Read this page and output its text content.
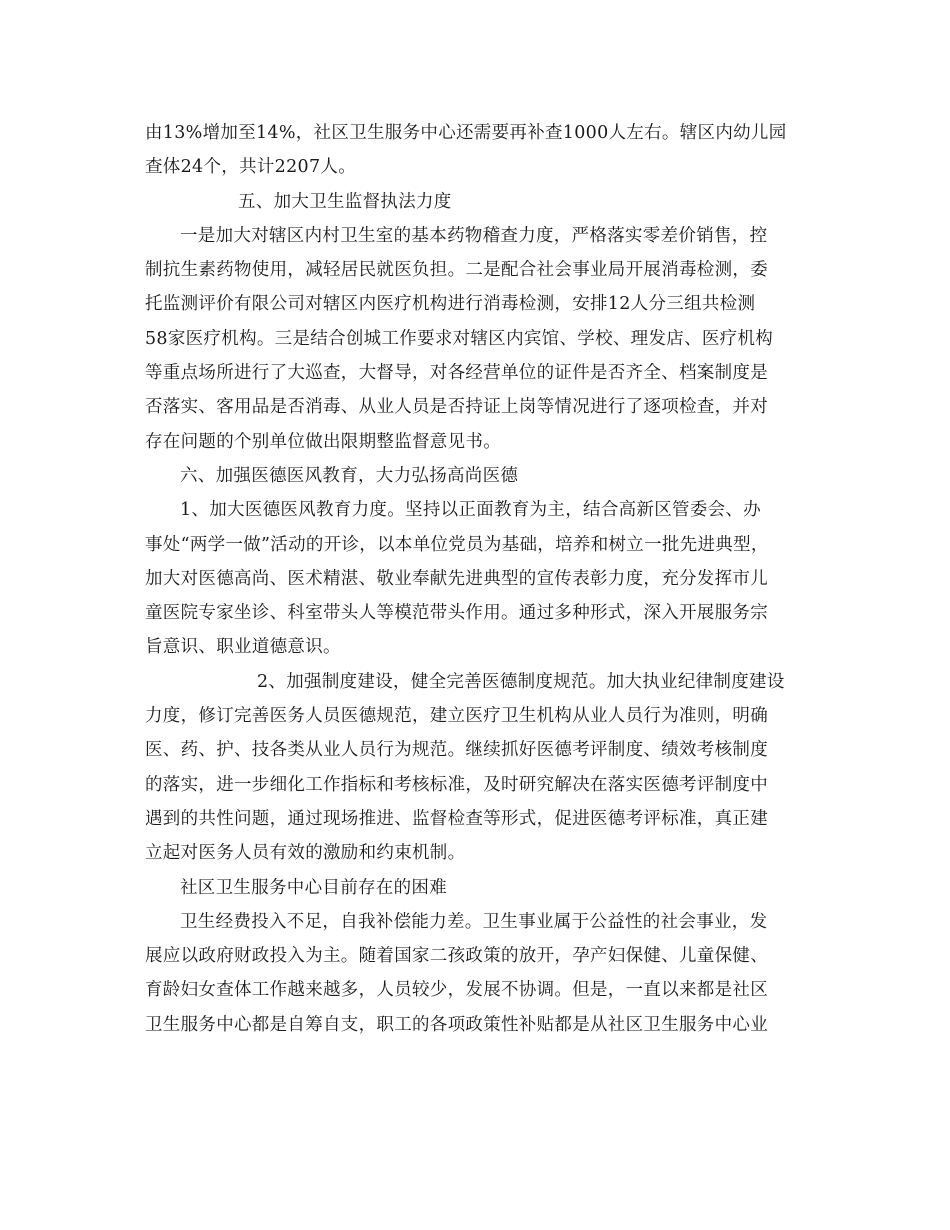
由13%增加至14%，社区卫生服务中心还需要再补查1000人左右。辖区内幼儿园
查体24个，共计2207人。
五、加大卫生监督执法力度
一是加大对辖区内村卫生室的基本药物稽查力度，严格落实零差价销售，控
制抗生素药物使用，减轻居民就医负担。二是配合社会事业局开展消毒检测，委
托监测评价有限公司对辖区内医疗机构进行消毒检测，安排12人分三组共检测
58家医疗机构。三是结合创城工作要求对辖区内宾馆、学校、理发店、医疗机构
等重点场所进行了大巡查，大督导，对各经营单位的证件是否齐全、档案制度是
否落实、客用品是否消毒、从业人员是否持证上岗等情况进行了逐项检查，并对
存在问题的个别单位做出限期整监督意见书。
六、加强医德医风教育，大力弘扬高尚医德
1、加大医德医风教育力度。坚持以正面教育为主，结合高新区管委会、办
事处“两学一做”活动的开诊，以本单位党员为基础，培养和树立一批先进典型，
加大对医德高尚、医术精湛、敬业奉献先进典型的宣传表彰力度，充分发挥市儿
童医院专家坐诊、科室带头人等模范带头作用。通过多种形式，深入开展服务宗
旨意识、职业道德意识。
2、加强制度建设，健全完善医德制度规范。加大执业纪律制度建设
力度，修订完善医务人员医德规范，建立医疗卫生机构从业人员行为准则，明确
医、药、护、技各类从业人员行为规范。继续抓好医德考评制度、绩效考核制度
的落实，进一步细化工作指标和考核标准，及时研究解决在落实医德考评制度中
遇到的共性问题，通过现场推进、监督检查等形式，促进医德考评标准，真正建
立起对医务人员有效的激励和约束机制。
社区卫生服务中心目前存在的困难
卫生经费投入不足，自我补偿能力差。卫生事业属于公益性的社会事业，发
展应以政府财政投入为主。随着国家二孩政策的放开，孕产妇保健、儿童保健、
育龄妇女查体工作越来越多，人员较少，发展不协调。但是，一直以来都是社区
卫生服务中心都是自筹自支，职工的各项政策性补贴都是从社区卫生服务中心业
